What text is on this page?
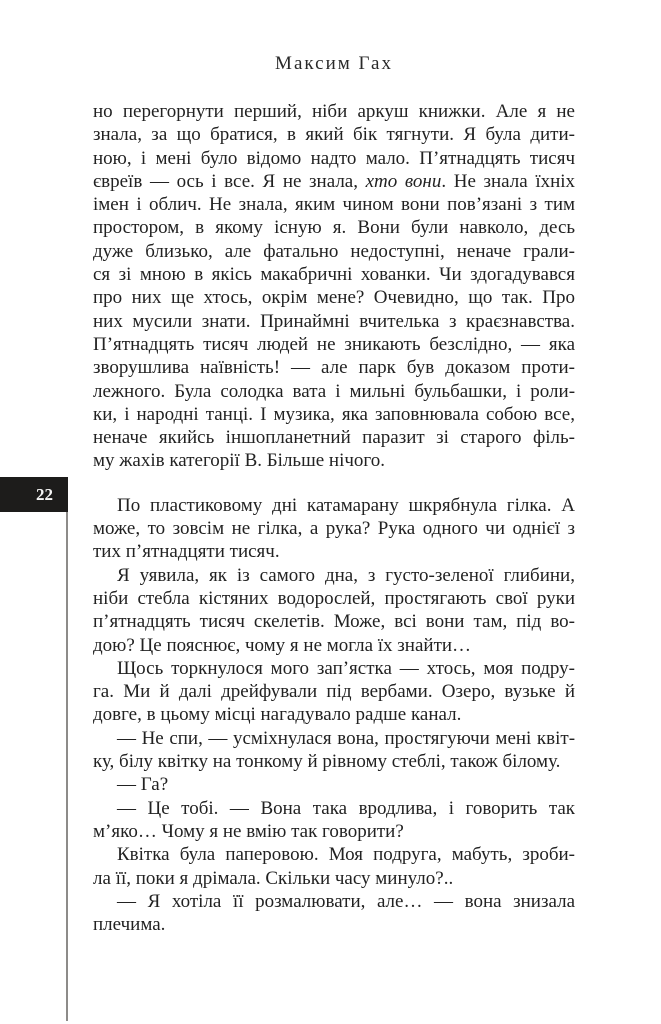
Максим Гах
22
но перегорнути перший, ніби аркуш книжки. Але я не
знала, за що братися, в який бік тягнути. Я була дити-
ною, і мені було відомо надто мало. П’ятнадцять тисяч
євреїв — ось і все. Я не знала, хто вони. Не знала їхніх
імен і облич. Не знала, яким чином вони пов’язані з тим
простором, в якому існую я. Вони були навколо, десь
дуже близько, але фатально недоступні, неначе грали-
ся зі мною в якісь макабричні хованки. Чи здогадувався
про них ще хтось, окрім мене? Очевидно, що так. Про
них мусили знати. Принаймні вчителька з краєзнавства.
П’ятнадцять тисяч людей не зникають безслідно, — яка
зворушлива наївність! — але парк був доказом проти-
лежного. Була солодка вата і мильні бульбашки, і роли-
ки, і народні танці. І музика, яка заповнювала собою все,
неначе якийсь іншопланетний паразит зі старого філь-
му жахів категорії В. Більше нічого.
По пластиковому дні катамарану шкрябнула гілка. А
може, то зовсім не гілка, а рука? Рука одного чи однієї з
тих п’ятнадцяти тисяч.
Я уявила, як із самого дна, з густо-зеленої глибини,
ніби стебла кістяних водорослей, простягають свої руки
п’ятнадцять тисяч скелетів. Може, всі вони там, під во-
дою? Це пояснює, чому я не могла їх знайти…
Щось торкнулося мого зап’ястка — хтось, моя подру-
га. Ми й далі дрейфували під вербами. Озеро, вузьке й
довге, в цьому місці нагадувало радше канал.
— Не спи, — усміхнулася вона, простягуючи мені квіт-
ку, білу квітку на тонкому й рівному стеблі, також білому.
— Га?
— Це тобі. — Вона така вродлива, і говорить так
м’яко… Чому я не вмію так говорити?
Квітка була паперовою. Моя подруга, мабуть, зроби-
ла її, поки я дрімала. Скільки часу минуло?..
— Я хотіла її розмалювати, але… — вона знизала
плечима.
